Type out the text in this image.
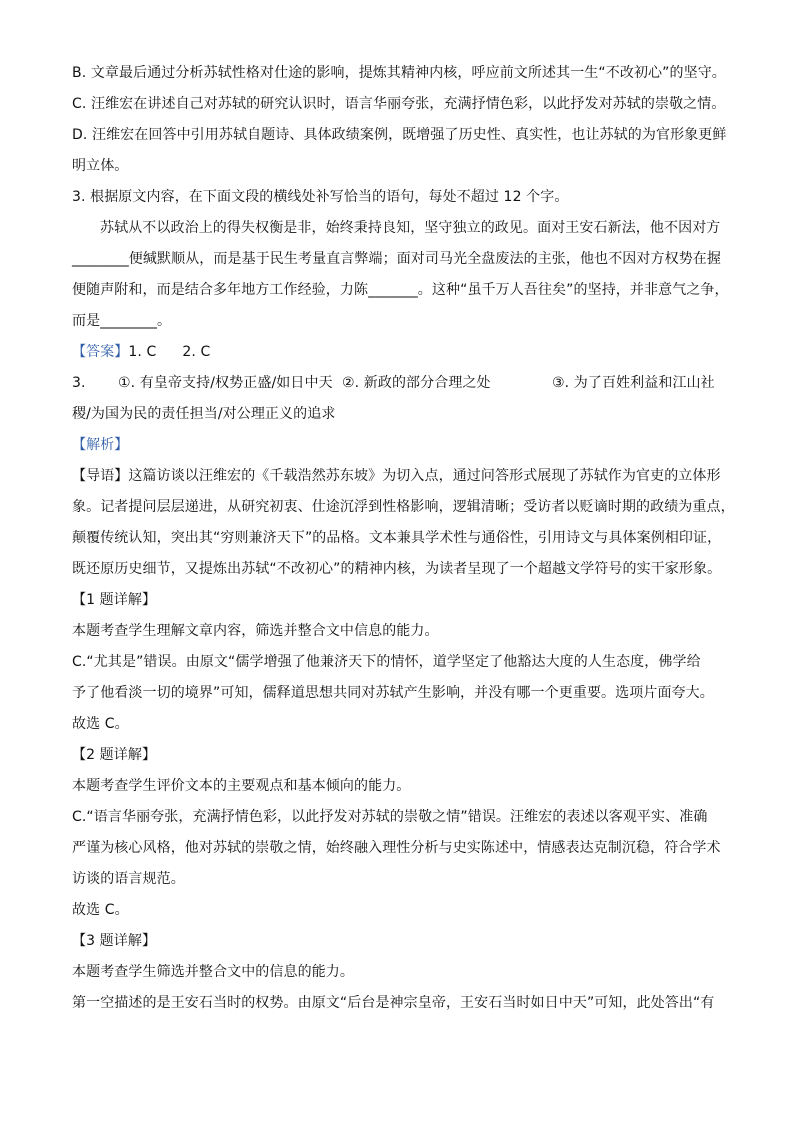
B. 文章最后通过分析苏轼性格对仕途的影响，提炼其精神内核，呼应前文所述其一生“不改初心”的坚守。
C. 汪维宏在讲述自己对苏轼的研究认识时，语言华丽夸张，充满抒情色彩，以此抒发对苏轼的崇敬之情。
D. 汪维宏在回答中引用苏轼自题诗、具体政绩案例，既增强了历史性、真实性，也让苏轼的为官形象更鲜
明立体。
3. 根据原文内容，在下面文段的横线处补写恰当的语句，每处不超过 12 个字。
苏轼从不以政治上的得失权衡是非，始终秉持良知，坚守独立的政见。面对王安石新法，他不因对方
________便缄默顺从，而是基于民生考量直言弊端；面对司马光全盘废法的主张，他也不因对方权势在握
便随声附和，而是结合多年地方工作经验，力陈_______。这种“虽千万人吾往矣”的坚持，并非意气之争，
而是________。
【答案】1. C 2. C
3. ①. 有皇帝支持/权势正盛/如日中天 ②. 新政的部分合理之处	③. 为了百姓利益和江山社
稷/为国为民的责任担当/对公理正义的追求
【解析】
【导语】这篇访谈以汪维宏的《千载浩然苏东坡》为切入点，通过问答形式展现了苏轼作为官吏的立体形
象。记者提问层层递进，从研究初衷、仕途沉浮到性格影响，逻辑清晰；受访者以贬谪时期的政绩为重点，
颠覆传统认知，突出其“穷则兼济天下”的品格。文本兼具学术性与通俗性，引用诗文与具体案例相印证，
既还原历史细节，又提炼出苏轼“不改初心”的精神内核，为读者呈现了一个超越文学符号的实干家形象。
【1 题详解】
本题考查学生理解文章内容，筛选并整合文中信息的能力。
C.“尤其是”错误。由原文“儒学增强了他兼济天下的情怀，道学坚定了他豁达大度的人生态度，佛学给
予了他看淡一切的境界”可知，儒释道思想共同对苏轼产生影响，并没有哪一个更重要。选项片面夸大。
故选 C。
【2 题详解】
本题考查学生评价文本的主要观点和基本倾向的能力。
C.“语言华丽夸张，充满抒情色彩，以此抒发对苏轼的崇敬之情”错误。汪维宏的表述以客观平实、准确
严谨为核心风格，他对苏轼的崇敬之情，始终融入理性分析与史实陈述中，情感表达克制沉稳，符合学术
访谈的语言规范。
故选 C。
【3 题详解】
本题考查学生筛选并整合文中的信息的能力。
第一空描述的是王安石当时的权势。由原文“后台是神宗皇帝，王安石当时如日中天”可知，此处答出“有
